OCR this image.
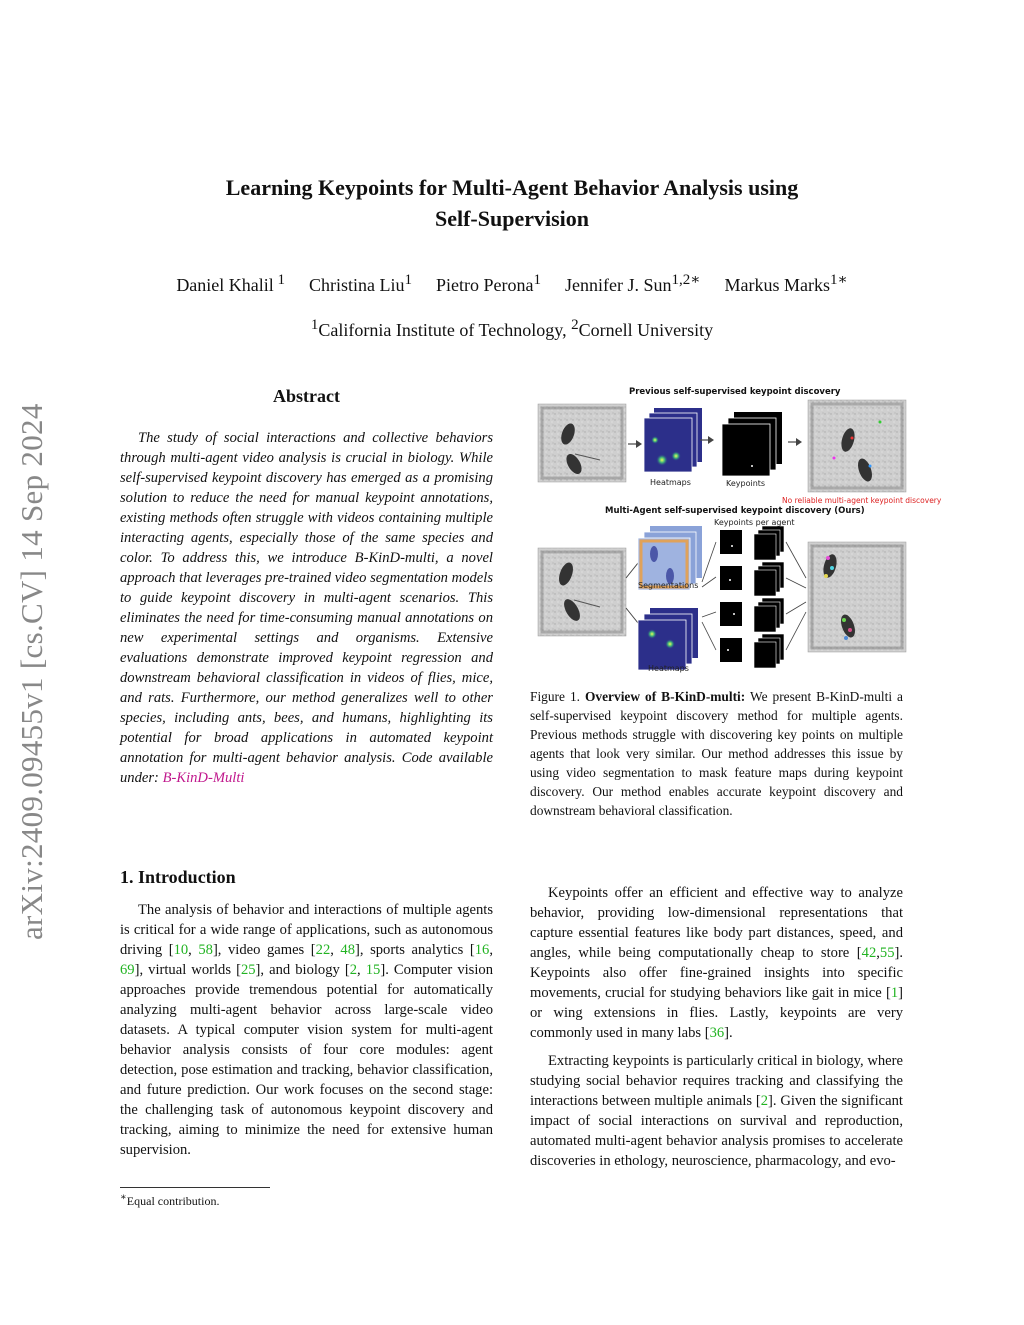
Learning Keypoints for Multi-Agent Behavior Analysis using
Self-Supervision
Daniel Khalil $^1$ Christina Liu$^1$ Pietro Perona$^1$ Jennifer J. Sun$^{1,2∗}$ Markus Marks$^{1∗}$
$^1$California Institute of Technology, $^2$Cornell University
arXiv:2409.09455v1 [cs.CV] 14 Sep 2024
Abstract
The study of social interactions and collective behaviors through multi-agent video analysis is crucial in biology. While self-supervised keypoint discovery has emerged as a promising solution to reduce the need for manual keypoint annotations, existing methods often struggle with videos containing multiple interacting agents, especially those of the same species and color. To address this, we introduce B-KinD-multi, a novel approach that leverages pre-trained video segmentation models to guide keypoint discovery in multi-agent scenarios. This eliminates the need for time-consuming manual annotations on new experimental settings and organisms. Extensive evaluations demonstrate improved keypoint regression and downstream behavioral classification in videos of flies, mice, and rats. Furthermore, our method generalizes well to other species, including ants, bees, and humans, highlighting its potential for broad applications in automated keypoint annotation for multi-agent behavior analysis. Code available under: B-KinD-Multi
Previous self-supervised keypoint discovery
Heatmaps	Keypoints
No reliable multi-agent keypoint discovery
Multi-Agent self-supervised keypoint discovery (Ours)
Keypoints per agent
Segmentations
Heatmaps
Figure 1. Overview of B-KinD-multi: We present B-KinD-multi a self-supervised keypoint discovery method for multiple agents. Previous methods struggle with discovering key points on multiple agents that look very similar. Our method addresses this issue by using video segmentation to mask feature maps during keypoint discovery. Our method enables accurate keypoint discovery and downstream behavioral classification.
1. Introduction

The analysis of behavior and interactions of multiple agents is critical for a wide range of applications, such as autonomous driving [10, 58], video games [22, 48], sports analytics [16, 69], virtual worlds [25], and biology [2, 15]. Computer vision approaches provide tremendous potential for automatically analyzing multi-agent behavior across large-scale video datasets. A typical computer vision system for multi-agent behavior analysis consists of four core modules: agent detection, pose estimation and tracking, behavior classification, and future prediction. Our work focuses on the second stage: the challenging task of autonomous keypoint discovery and tracking, aiming to minimize the need for extensive human supervision.

Keypoints offer an efficient and effective way to analyze behavior, providing low-dimensional representations that capture essential features like body part distances, speed, and angles, while being computationally cheap to store [42,55]. Keypoints also offer fine-grained insights into specific movements, crucial for studying behaviors like gait in mice [1] or wing extensions in flies. Lastly, keypoints are very commonly used in many labs [36].

Extracting keypoints is particularly critical in biology, where studying social behavior requires tracking and classifying the interactions between multiple animals [2]. Given the significant impact of social interactions on survival and reproduction, automated multi-agent behavior analysis promises to accelerate discoveries in ethology, neuroscience, pharmacology, and evo-

∗Equal contribution.
